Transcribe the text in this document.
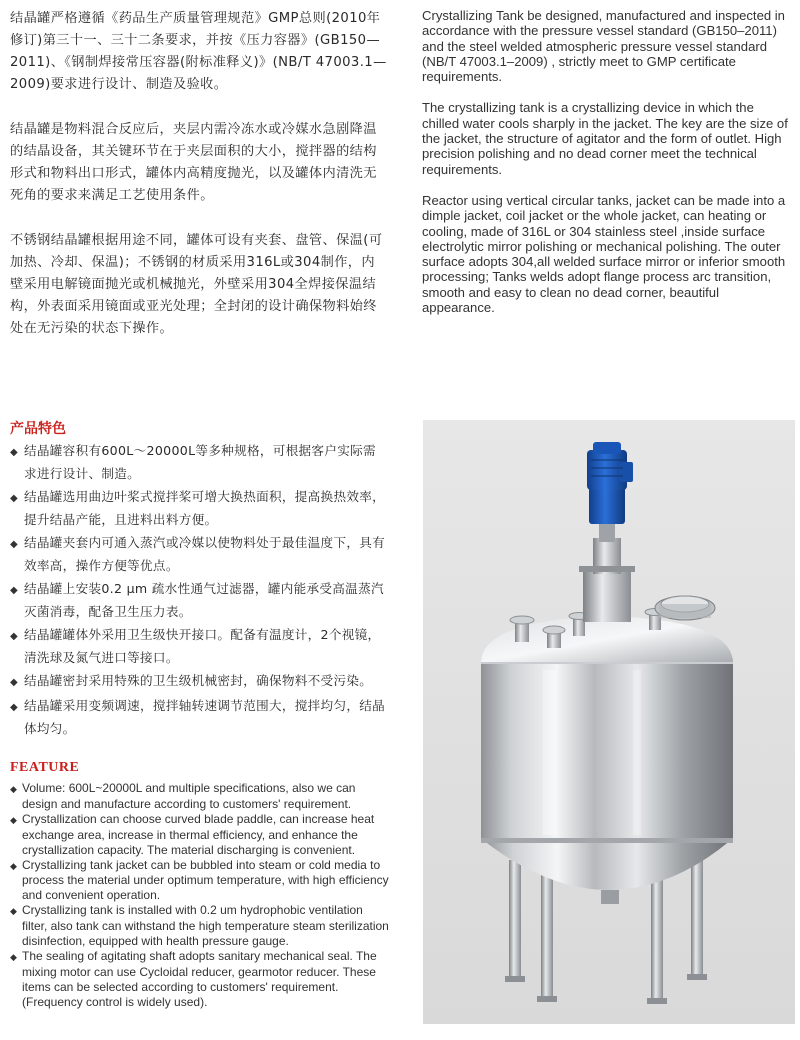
结晶罐严格遵循《药品生产质量管理规范》GMP总则(2010年修订)第三十一、三十二条要求，并按《压力容器》(GB150—2011)、《钢制焊接常压容器(附标准释义)》(NB/T 47003.1—2009)要求进行设计、制造及验收。

结晶罐是物料混合反应后，夹层内需冷冻水或冷媒水急剧降温的结晶设备，其关键环节在于夹层面积的大小，搅拌器的结构形式和物料出口形式，罐体内高精度抛光，以及罐体内清洗无死角的要求来满足工艺使用条件。

不锈钢结晶罐根据用途不同，罐体可设有夹套、盘管、保温(可加热、冷却、保温)；不锈钢的材质采用316L或304制作，内壁采用电解镜面抛光或机械抛光，外壁采用304全焊接保温结构，外表面采用镜面或亚光处理；全封闭的设计确保物料始终处在无污染的状态下操作。

Crystallizing Tank be designed, manufactured and inspected in accordance with the pressure vessel standard (GB150–2011) and the steel welded atmospheric pressure vessel standard (NB/T 47003.1–2009) , strictly meet to GMP certificate requirements.

The crystallizing tank is a crystallizing device in which the chilled water cools sharply in the jacket. The key are the size of the jacket, the structure of agitator and the form of outlet. High precision polishing and no dead corner meet the technical requirements.

Reactor using vertical circular tanks, jacket can be made into a dimple jacket, coil jacket or the whole jacket, can heating or cooling, made of 316L or 304 stainless steel ,inside surface electrolytic mirror polishing or mechanical polishing. The outer surface adopts 304,all welded surface mirror or inferior smooth processing; Tanks welds adopt flange process arc transition, smooth and easy to clean no dead corner, beautiful appearance.

产品特色
◆ 结晶罐容积有600L～20000L等多种规格，可根据客户实际需求进行设计、制造。
◆ 结晶罐选用曲边叶桨式搅拌桨可增大换热面积，提高换热效率，提升结晶产能，且进料出料方便。
◆ 结晶罐夹套内可通入蒸汽或冷媒以使物料处于最佳温度下，具有效率高，操作方便等优点。
◆ 结晶罐上安装0.2 μm 疏水性通气过滤器，罐内能承受高温蒸汽灭菌消毒，配备卫生压力表。
◆ 结晶罐罐体外采用卫生级快开接口。配备有温度计，2个视镜，清洗球及氮气进口等接口。
◆ 结晶罐密封采用特殊的卫生级机械密封，确保物料不受污染。
◆ 结晶罐采用变频调速，搅拌轴转速调节范围大，搅拌均匀，结晶体均匀。
FEATURE
◆ Volume: 600L~20000L and multiple specifications, also we can design and manufacture according to customers' requirement.
◆ Crystallization can choose curved blade paddle, can increase heat exchange area, increase in thermal efficiency, and enhance the crystallization capacity. The material discharging is convenient.
◆ Crystallizing tank jacket can be bubbled into steam or cold media to process the material under optimum temperature, with high efficiency and convenient operation.
◆ Crystallizing tank is installed with 0.2 um hydrophobic ventilation filter, also tank can withstand the high temperature steam sterilization disinfection, equipped with health pressure gauge.
◆ The sealing of agitating shaft adopts sanitary mechanical seal. The mixing motor can use Cycloidal reducer, gearmotor reducer. These items can be selected according to customers' requirement. (Frequency control is widely used).
